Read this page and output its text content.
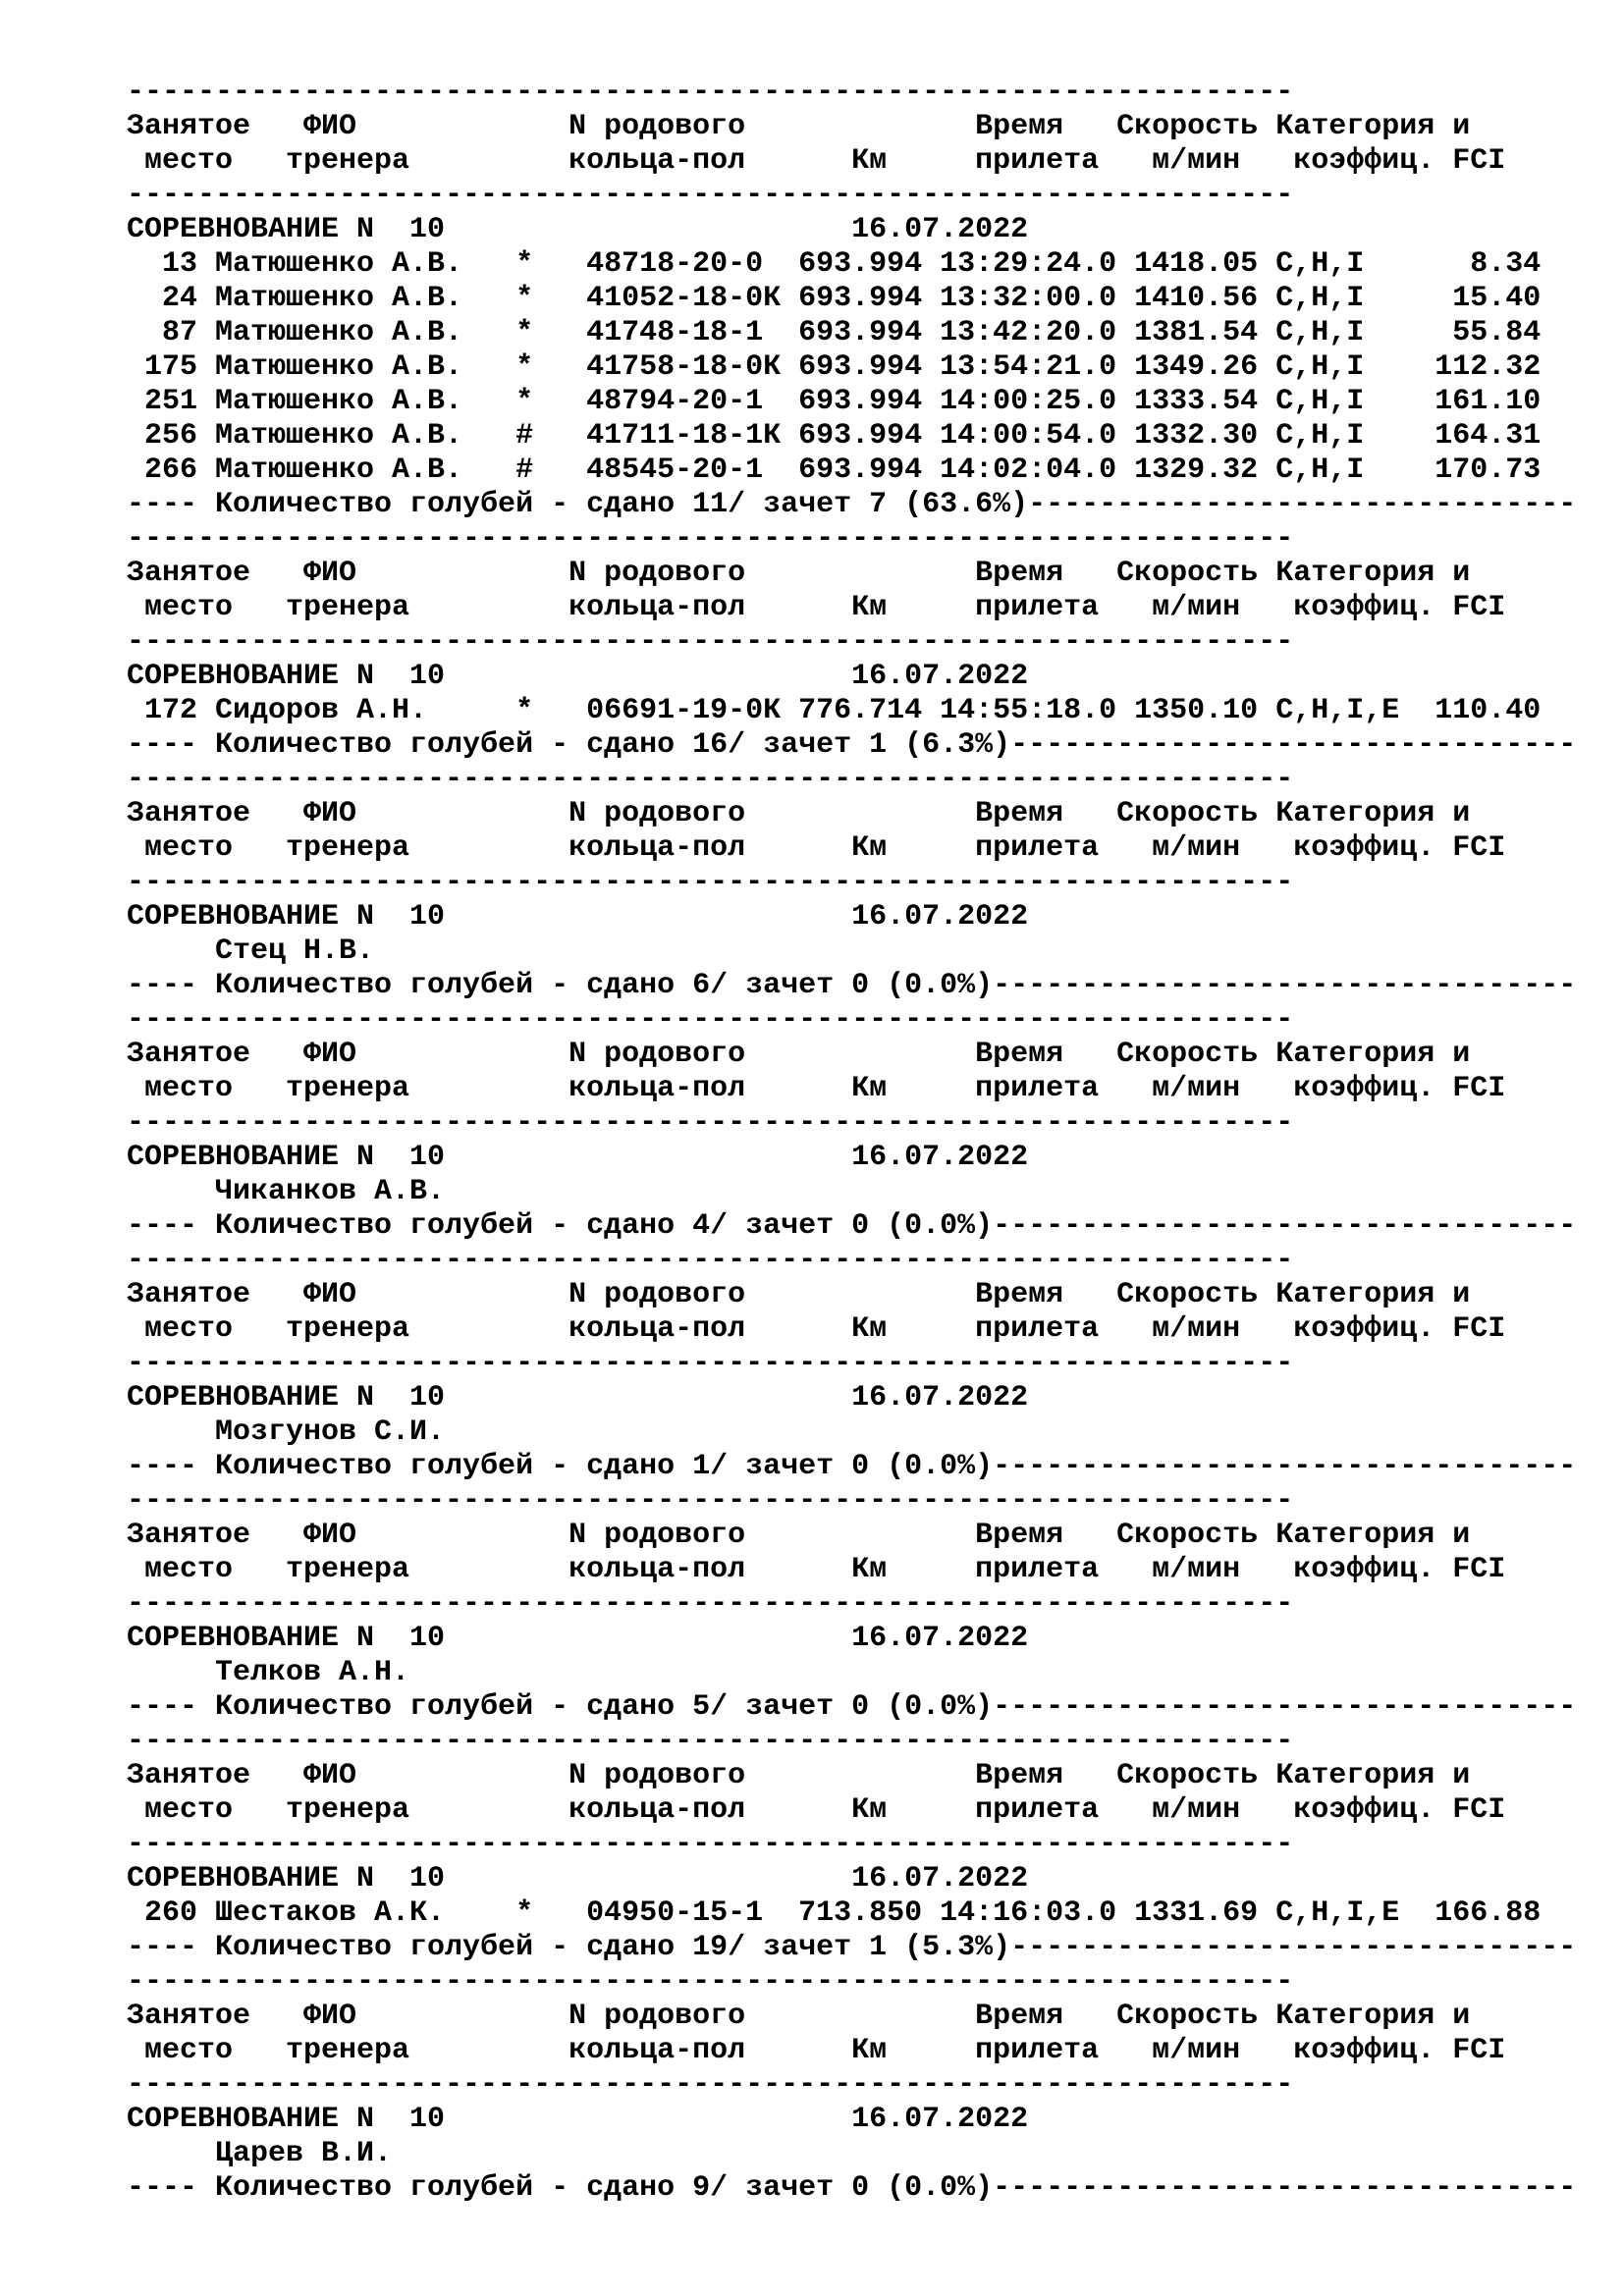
------------------------------------------------------------------
Занятое   ФИО            N родового             Время   Скорость Категория и
место   тренера         кольца-пол      Км     прилета   м/мин   коэффиц. FCI
------------------------------------------------------------------
СОРЕВНОВАНИЕ N  10                       16.07.2022
13 Матюшенко А.В.   *   48718-20-0  693.994 13:29:24.0 1418.05 C,H,I      8.34
24 Матюшенко А.В.   *   41052-18-0К 693.994 13:32:00.0 1410.56 C,H,I     15.40
87 Матюшенко А.В.   *   41748-18-1  693.994 13:42:20.0 1381.54 C,H,I     55.84
175 Матюшенко А.В.   *   41758-18-0К 693.994 13:54:21.0 1349.26 C,H,I    112.32
251 Матюшенко А.В.   *   48794-20-1  693.994 14:00:25.0 1333.54 C,H,I    161.10
256 Матюшенко А.В.   #   41711-18-1К 693.994 14:00:54.0 1332.30 C,H,I    164.31
266 Матюшенко А.В.   #   48545-20-1  693.994 14:02:04.0 1329.32 C,H,I    170.73
---- Количество голубей - сдано 11/ зачет 7 (63.6%)-------------------------------
------------------------------------------------------------------
Занятое   ФИО            N родового             Время   Скорость Категория и
место   тренера         кольца-пол      Км     прилета   м/мин   коэффиц. FCI
------------------------------------------------------------------
СОРЕВНОВАНИЕ N  10                       16.07.2022
172 Сидоров А.Н.     *   06691-19-0К 776.714 14:55:18.0 1350.10 C,H,I,E  110.40
---- Количество голубей - сдано 16/ зачет 1 (6.3%)--------------------------------
------------------------------------------------------------------
Занятое   ФИО            N родового             Время   Скорость Категория и
место   тренера         кольца-пол      Км     прилета   м/мин   коэффиц. FCI
------------------------------------------------------------------
СОРЕВНОВАНИЕ N  10                       16.07.2022
Стец Н.В.
---- Количество голубей - сдано 6/ зачет 0 (0.0%)---------------------------------
------------------------------------------------------------------
Занятое   ФИО            N родового             Время   Скорость Категория и
место   тренера         кольца-пол      Км     прилета   м/мин   коэффиц. FCI
------------------------------------------------------------------
СОРЕВНОВАНИЕ N  10                       16.07.2022
Чиканков А.В.
---- Количество голубей - сдано 4/ зачет 0 (0.0%)---------------------------------
------------------------------------------------------------------
Занятое   ФИО            N родового             Время   Скорость Категория и
место   тренера         кольца-пол      Км     прилета   м/мин   коэффиц. FCI
------------------------------------------------------------------
СОРЕВНОВАНИЕ N  10                       16.07.2022
Мозгунов С.И.
---- Количество голубей - сдано 1/ зачет 0 (0.0%)---------------------------------
------------------------------------------------------------------
Занятое   ФИО            N родового             Время   Скорость Категория и
место   тренера         кольца-пол      Км     прилета   м/мин   коэффиц. FCI
------------------------------------------------------------------
СОРЕВНОВАНИЕ N  10                       16.07.2022
Телков А.Н.
---- Количество голубей - сдано 5/ зачет 0 (0.0%)---------------------------------
------------------------------------------------------------------
Занятое   ФИО            N родового             Время   Скорость Категория и
место   тренера         кольца-пол      Км     прилета   м/мин   коэффиц. FCI
------------------------------------------------------------------
СОРЕВНОВАНИЕ N  10                       16.07.2022
260 Шестаков А.К.    *   04950-15-1  713.850 14:16:03.0 1331.69 C,H,I,E  166.88
---- Количество голубей - сдано 19/ зачет 1 (5.3%)--------------------------------
------------------------------------------------------------------
Занятое   ФИО            N родового             Время   Скорость Категория и
место   тренера         кольца-пол      Км     прилета   м/мин   коэффиц. FCI
------------------------------------------------------------------
СОРЕВНОВАНИЕ N  10                       16.07.2022
Царев В.И.
---- Количество голубей - сдано 9/ зачет 0 (0.0%)---------------------------------
